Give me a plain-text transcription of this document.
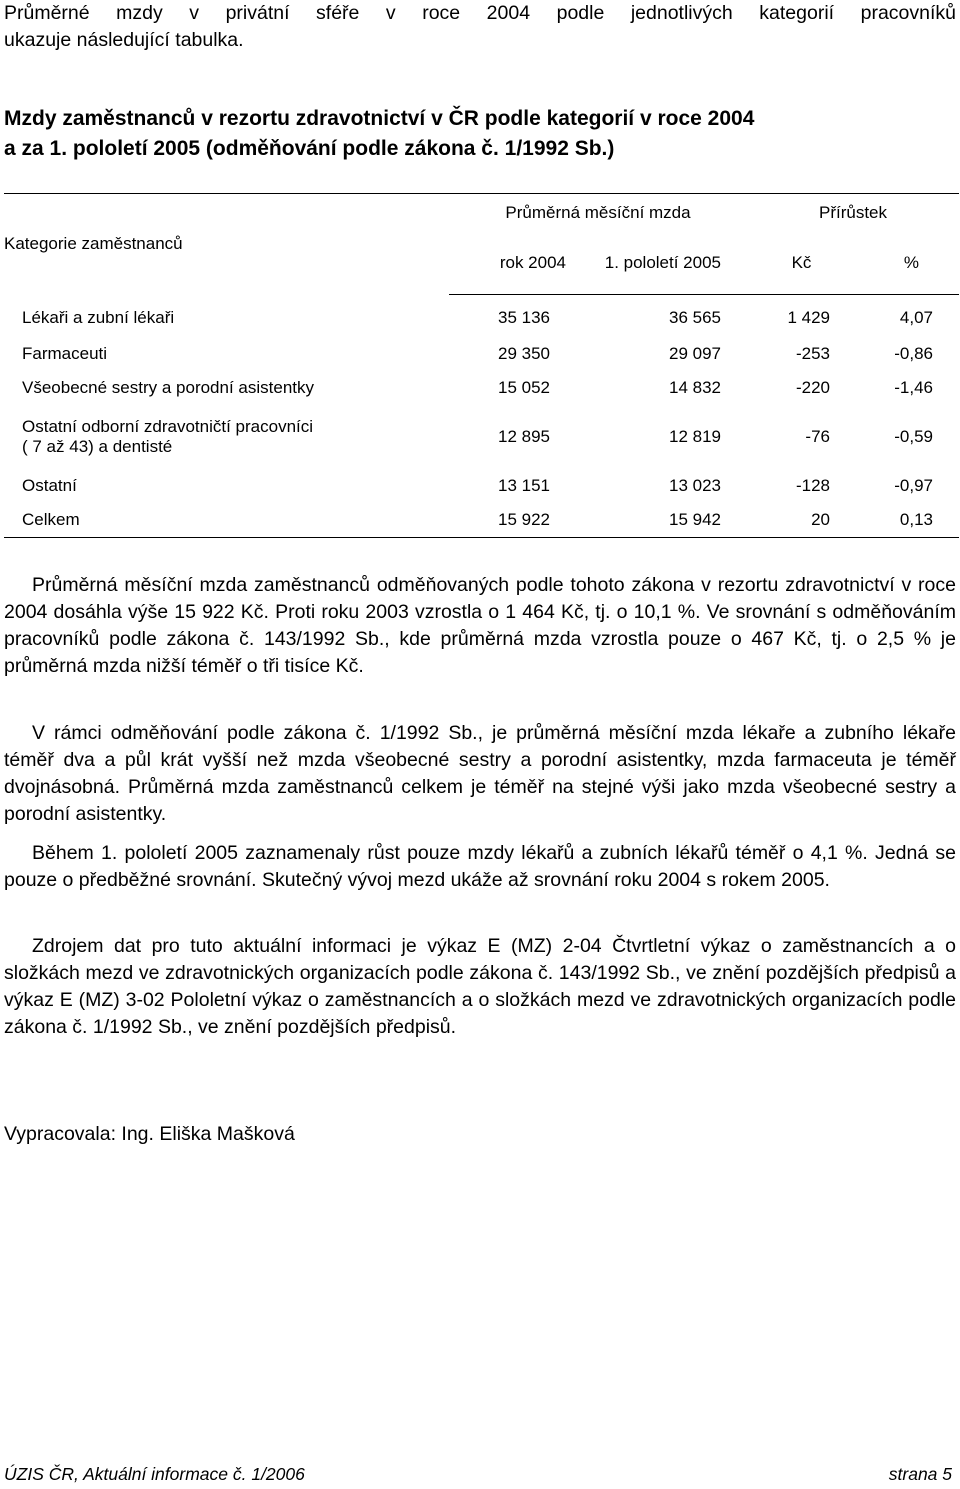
Průměrné mzdy v privátní sféře v roce 2004 podle jednotlivých kategorií pracovníků
ukazuje následující tabulka.
Mzdy zaměstnanců v rezortu zdravotnictví v ČR podle kategorií v roce 2004
a za 1. pololetí 2005 (odměňování podle zákona č. 1/1992 Sb.)
Kategorie zaměstnanců	Průměrná měsíční mzda		Přírůstek	
	rok 2004	1. pololetí 2005	Kč	%
Lékaři a zubní lékaři	35 136	36 565	1 429	4,07
Farmaceuti	29 350	29 097	-253	-0,86
Všeobecné sestry a porodní asistentky	15 052	14 832	-220	-1,46

Ostatní odborní zdravotničtí pracovníci
( 7 až 43) a dentisté	12 895	12 819	-76	-0,59
Ostatní	13 151	13 023	-128	-0,97
Celkem	15 922	15 942	20	0,13
Průměrná měsíční mzda zaměstnanců odměňovaných podle tohoto zákona v rezortu zdravotnictví v roce 2004 dosáhla výše 15 922 Kč. Proti roku 2003 vzrostla o 1 464 Kč, tj. o 10,1 %. Ve srovnání s odměňováním pracovníků podle zákona č. 143/1992 Sb., kde průměrná mzda vzrostla pouze o 467 Kč, tj. o 2,5 % je průměrná mzda nižší téměř o tři tisíce Kč.
V rámci odměňování podle zákona č. 1/1992 Sb., je průměrná měsíční mzda lékaře a zubního lékaře téměř dva a půl krát vyšší než mzda všeobecné sestry a porodní asistentky, mzda farmaceuta je téměř dvojnásobná. Průměrná mzda zaměstnanců celkem je téměř na stejné výši jako mzda všeobecné sestry a porodní asistentky.
Během 1. pololetí 2005 zaznamenaly růst pouze mzdy lékařů a zubních lékařů téměř o 4,1 %. Jedná se pouze o předběžné srovnání. Skutečný vývoj mezd ukáže až srovnání roku 2004 s rokem 2005.
Zdrojem dat pro tuto aktuální informaci je výkaz E (MZ) 2-04 Čtvrtletní výkaz o zaměstnancích a o složkách mezd ve zdravotnických organizacích podle zákona č. 143/1992 Sb., ve znění pozdějších předpisů a výkaz E (MZ) 3-02 Pololetní výkaz o zaměstnancích a o složkách mezd ve zdravotnických organizacích podle zákona č. 1/1992 Sb., ve znění pozdějších předpisů.
Vypracovala: Ing. Eliška Mašková
ÚZIS ČR, Aktuální informace č. 1/2006	strana 5
